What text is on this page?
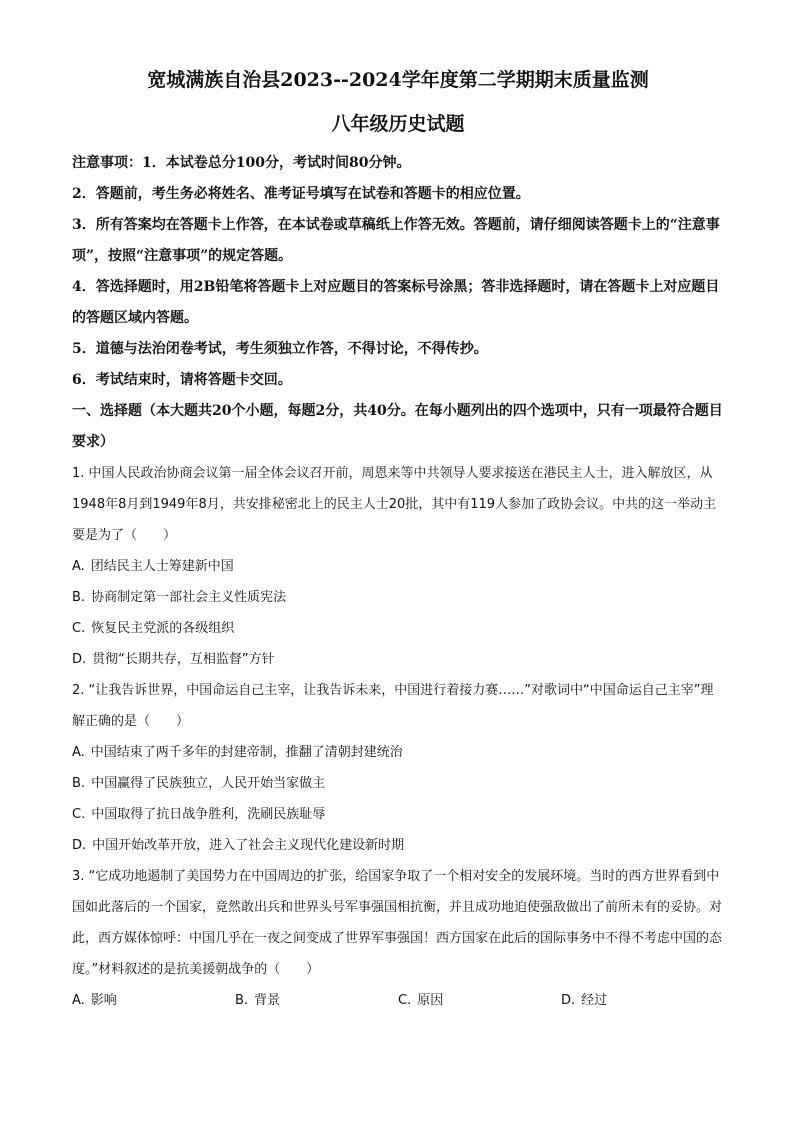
宽城满族自治县2023--2024学年度第二学期期末质量监测
八年级历史试题

注意事项：1．本试卷总分100分，考试时间80分钟。

2．答题前，考生务必将姓名、准考证号填写在试卷和答题卡的相应位置。

3．所有答案均在答题卡上作答，在本试卷或草稿纸上作答无效。答题前，请仔细阅读答题卡上的“注意事项”，按照“注意事项”的规定答题。

4．答选择题时，用2B铅笔将答题卡上对应题目的答案标号涂黑；答非选择题时，请在答题卡上对应题目的答题区域内答题。

5．道德与法治闭卷考试，考生须独立作答，不得讨论，不得传抄。

6．考试结束时，请将答题卡交回。

一、选择题（本大题共20个小题，每题2分，共40分。在每小题列出的四个选项中，只有一项最符合题目要求）

1. 中国人民政治协商会议第一届全体会议召开前，周恩来等中共领导人要求接送在港民主人士，进入解放区，从1948年8月到1949年8月，共安排秘密北上的民主人士20批，其中有119人参加了政协会议。中共的这一举动主要是为了（　　）

A. 团结民主人士筹建新中国

B. 协商制定第一部社会主义性质宪法

C. 恢复民主党派的各级组织

D. 贯彻“长期共存，互相监督”方针

2. “让我告诉世界，中国命运自己主宰，让我告诉未来，中国进行着接力赛……”对歌词中“中国命运自己主宰”理解正确的是（　　）

A. 中国结束了两千多年的封建帝制，推翻了清朝封建统治

B. 中国赢得了民族独立，人民开始当家做主

C. 中国取得了抗日战争胜利，洗刷民族耻辱

D. 中国开始改革开放，进入了社会主义现代化建设新时期

3. “它成功地遏制了美国势力在中国周边的扩张，给国家争取了一个相对安全的发展环境。当时的西方世界看到中国如此落后的一个国家，竟然敢出兵和世界头号军事强国相抗衡，并且成功地迫使强敌做出了前所未有的妥协。对此，西方媒体惊呼：中国几乎在一夜之间变成了世界军事强国！西方国家在此后的国际事务中不得不考虑中国的态度。”材料叙述的是抗美援朝战争的（　　）

A. 影响	B. 背景	C. 原因	D. 经过
